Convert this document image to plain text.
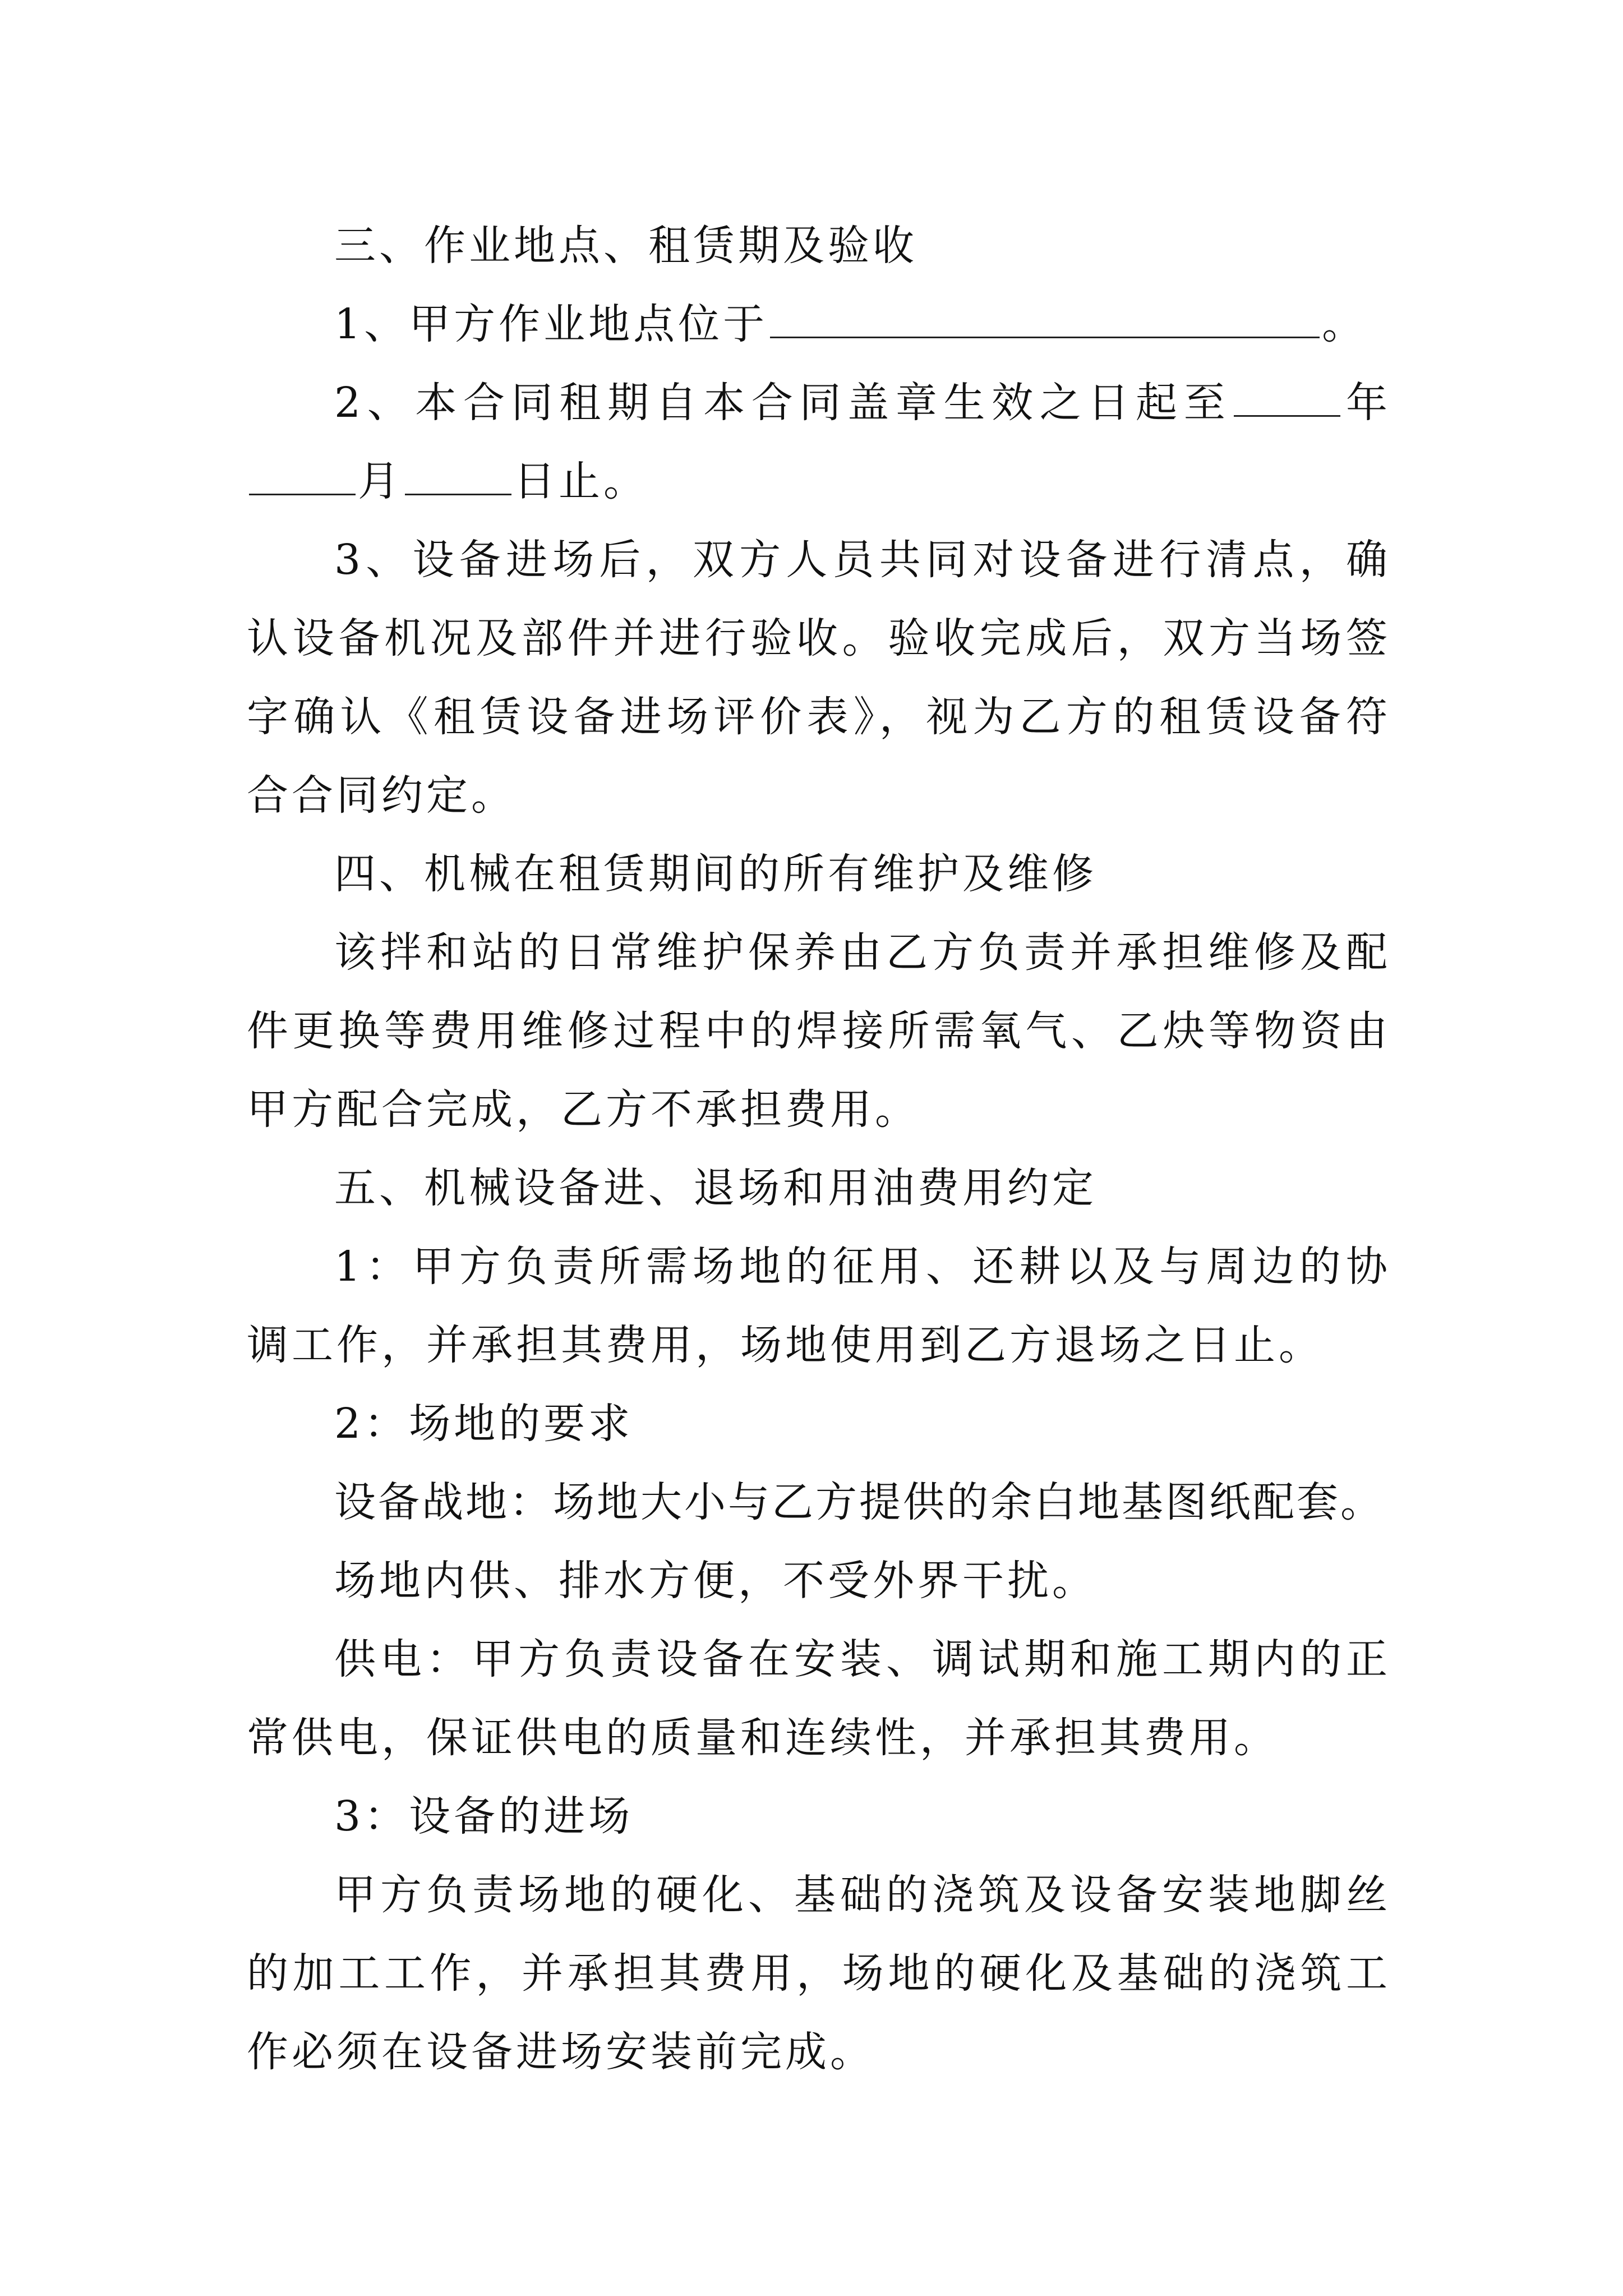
三、作业地点、租赁期及验收

1、甲方作业地点位于	。

2、本合同租期自本合同盖章生效之日起至	年月	日止。

3、设备进场后，双方人员共同对设备进行清点，确认设备机况及部件并进行验收。验收完成后，双方当场签字确认《租赁设备进场评价表》，视为乙方的租赁设备符合合同约定。

四、机械在租赁期间的所有维护及维修

该拌和站的日常维护保养由乙方负责并承担维修及配件更换等费用维修过程中的焊接所需氧气、乙炔等物资由甲方配合完成，乙方不承担费用。

五、机械设备进、退场和用油费用约定

1：甲方负责所需场地的征用、还耕以及与周边的协调工作，并承担其费用，场地使用到乙方退场之日止。

2：场地的要求

设备战地：场地大小与乙方提供的余白地基图纸配套。

场地内供、排水方便，不受外界干扰。

供电：甲方负责设备在安装、调试期和施工期内的正常供电，保证供电的质量和连续性，并承担其费用。

3：设备的进场

甲方负责场地的硬化、基础的浇筑及设备安装地脚丝的加工工作，并承担其费用，场地的硬化及基础的浇筑工作必须在设备进场安装前完成。
